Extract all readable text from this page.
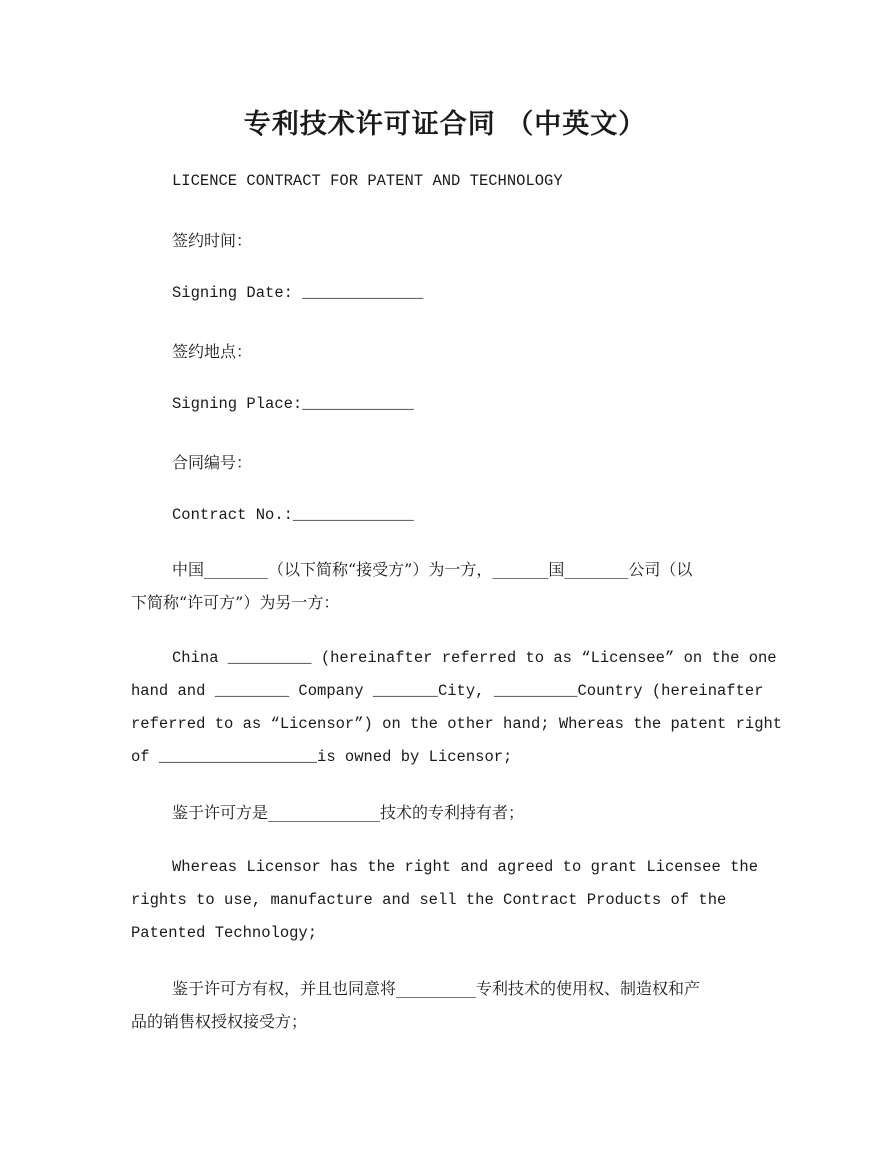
专利技术许可证合同 （中英文）

LICENCE CONTRACT FOR PATENT AND TECHNOLOGY

签约时间：

Signing Date: _____________

签约地点：

Signing Place:____________

合同编号：

Contract No.:_____________

中国________（以下简称“接受方”）为一方，_______国________公司（以
下简称“许可方”）为另一方：
China _________ (hereinafter referred to as “Licensee” on the one
hand and ________ Company _______City, _________Country (hereinafter
referred to as “Licensor”) on the other hand; Whereas the patent right
of _________________is owned by Licensor;
鉴于许可方是______________技术的专利持有者；
Whereas Licensor has the right and agreed to grant Licensee the
rights to use, manufacture and sell the Contract Products of the
Patented Technology;
鉴于许可方有权，并且也同意将__________专利技术的使用权、制造权和产
品的销售权授权接受方；
